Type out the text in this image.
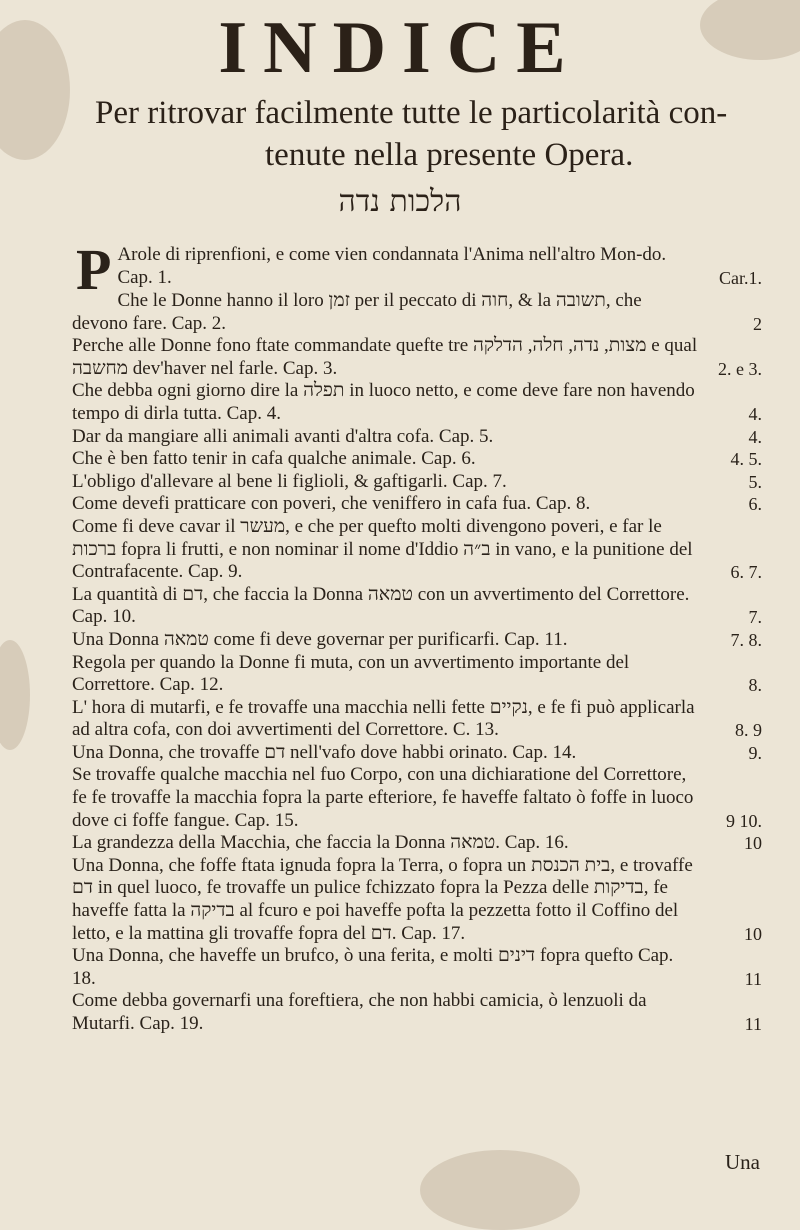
INDICE
Per ritrovar facilmente tutte le particolarità con-
tenute nella presente Opera.
הלכות נדה
P Arole di riprenfioni, e come vien condannata l'Anima nell'altro Mon-do. Cap. 1.	Car.1.
Che le Donne hanno il loro זמן per il peccato di חוה, & la תשובה, che devono fare. Cap. 2.	2
Perche alle Donne fono ftate commandate quefte tre מצות, נדה, חלה, הדלקה e qual מחשבה dev'haver nel farle. Cap. 3.	2. e 3.
Che debba ogni giorno dire la תפלה in luoco netto, e come deve fare non havendo tempo di dirla tutta. Cap. 4.	4.
Dar da mangiare alli animali avanti d'altra cofa. Cap. 5.	4.
Che è ben fatto tenir in cafa qualche animale. Cap. 6.	4. 5.
L'obligo d'allevare al bene li figlioli, & gaftigarli. Cap. 7.	5.
Come devefi pratticare con poveri, che veniffero in cafa fua. Cap. 8.	6.
Come fi deve cavar il מעשר, e che per quefto molti divengono poveri, e far le ברכות fopra li frutti, e non nominar il nome d'Iddio ב״ה in vano, e la punitione del Contrafacente. Cap. 9.	6. 7.
La quantità di דם, che faccia la Donna טמאה con un avvertimento del Correttore. Cap. 10.	7.
Una Donna טמאה come fi deve governar per purificarfi. Cap. 11.	7. 8.
Regola per quando la Donne fi muta, con un avvertimento importante del Correttore. Cap. 12.	8.
L' hora di mutarfi, e fe trovaffe una macchia nelli fette נקיים, e fe fi può applicarla ad altra cofa, con doi avvertimenti del Correttore. C. 13.	8. 9
Una Donna, che trovaffe דם nell'vafo dove habbi orinato. Cap. 14.	9.
Se trovaffe qualche macchia nel fuo Corpo, con una dichiaratione del Correttore, fe fe trovaffe la macchia fopra la parte efteriore, fe haveffe faltato ò foffe in luoco dove ci foffe fangue. Cap. 15.	9 10.
La grandezza della Macchia, che faccia la Donna טמאה. Cap. 16.	10
Una Donna, che foffe ftata ignuda fopra la Terra, o fopra un בית הכנסת, e trovaffe דם in quel luoco, fe trovaffe un pulice fchizzato fopra la Pezza delle בדיקות, fe haveffe fatta la בדיקה al fcuro e poi haveffe pofta la pezzetta fotto il Coffino del letto, e la mattina gli trovaffe fopra del דם. Cap. 17.	10
Una Donna, che haveffe un brufco, ò una ferita, e molti דינים fopra quefto Cap. 18.	11
Come debba governarfi una foreftiera, che non habbi camicia, ò lenzuoli da Mutarfi. Cap. 19.	11
Una
